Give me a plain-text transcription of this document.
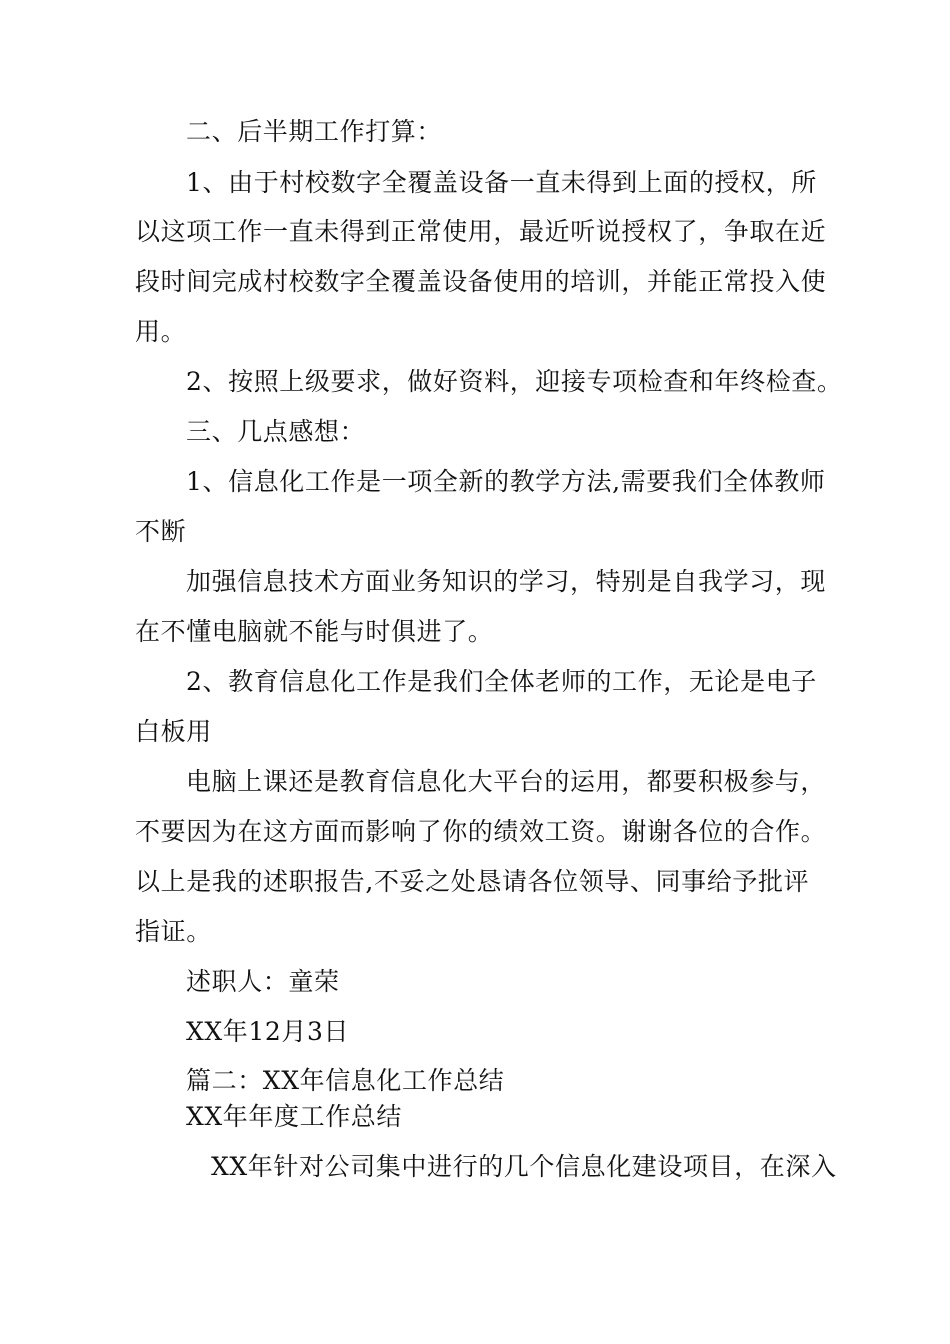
二、后半期工作打算：
1、由于村校数字全覆盖设备一直未得到上面的授权，所
以这项工作一直未得到正常使用，最近听说授权了，争取在近
段时间完成村校数字全覆盖设备使用的培训，并能正常投入使
用。
2、按照上级要求，做好资料，迎接专项检查和年终检查。
三、几点感想：
1、信息化工作是一项全新的教学方法,需要我们全体教师
不断
加强信息技术方面业务知识的学习，特别是自我学习，现
在不懂电脑就不能与时俱进了。
2、教育信息化工作是我们全体老师的工作，无论是电子
白板用
电脑上课还是教育信息化大平台的运用，都要积极参与，
不要因为在这方面而影响了你的绩效工资。谢谢各位的合作。
以上是我的述职报告,不妥之处恳请各位领导、同事给予批评
指证。
述职人：童荣
XX年12月3日
篇二：XX年信息化工作总结
XX年年度工作总结
XX年针对公司集中进行的几个信息化建设项目，在深入
